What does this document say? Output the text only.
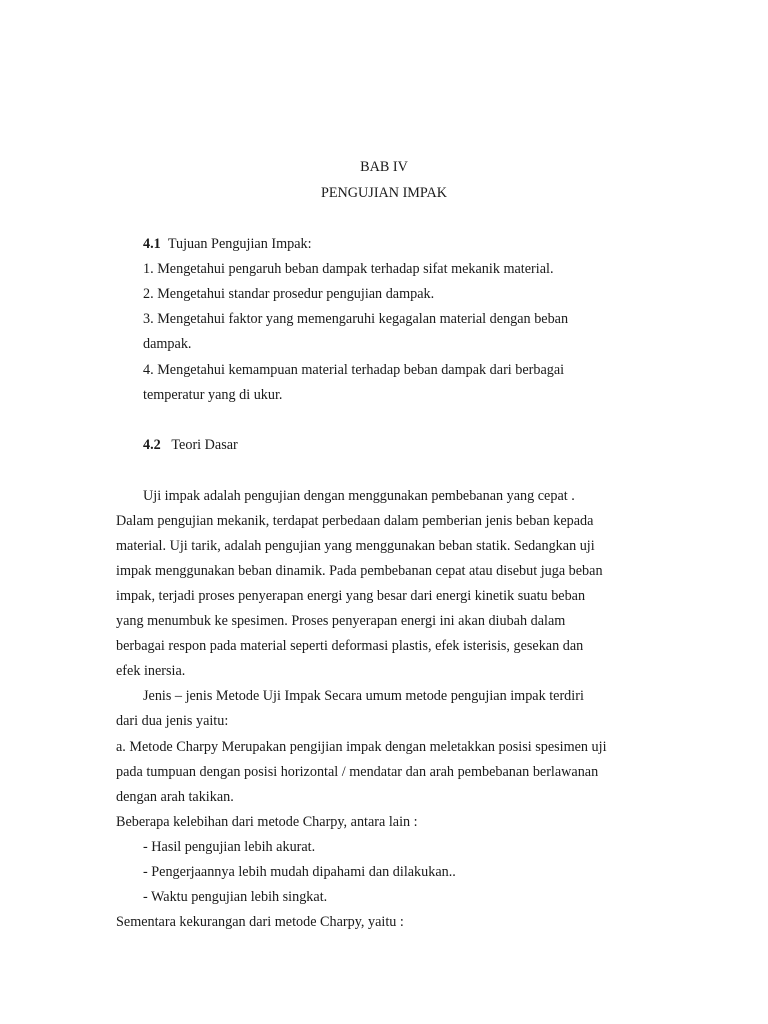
BAB IV
PENGUJIAN IMPAK
4.1 Tujuan Pengujian Impak:
1. Mengetahui pengaruh beban dampak terhadap sifat mekanik material.
2. Mengetahui standar prosedur pengujian dampak.
3. Mengetahui faktor yang memengaruhi kegagalan material dengan beban
dampak.
4. Mengetahui kemampuan material terhadap beban dampak dari berbagai
temperatur yang di ukur.
4.2 Teori Dasar
Uji impak adalah pengujian dengan menggunakan pembebanan yang cepat .
Dalam pengujian mekanik, terdapat perbedaan dalam pemberian jenis beban kepada
material. Uji tarik, adalah pengujian yang menggunakan beban statik. Sedangkan uji
impak menggunakan beban dinamik. Pada pembebanan cepat atau disebut juga beban
impak, terjadi proses penyerapan energi yang besar dari energi kinetik suatu beban
yang menumbuk ke spesimen. Proses penyerapan energi ini akan diubah dalam
berbagai respon pada material seperti deformasi plastis, efek isterisis, gesekan dan
efek inersia.
Jenis – jenis Metode Uji Impak Secara umum metode pengujian impak terdiri
dari dua jenis yaitu:
a. Metode Charpy Merupakan pengijian impak dengan meletakkan posisi spesimen uji
pada tumpuan dengan posisi horizontal / mendatar dan arah pembebanan berlawanan
dengan arah takikan.
Beberapa kelebihan dari metode Charpy, antara lain :
- Hasil pengujian lebih akurat.
- Pengerjaannya lebih mudah dipahami dan dilakukan..
- Waktu pengujian lebih singkat.
Sementara kekurangan dari metode Charpy, yaitu :
